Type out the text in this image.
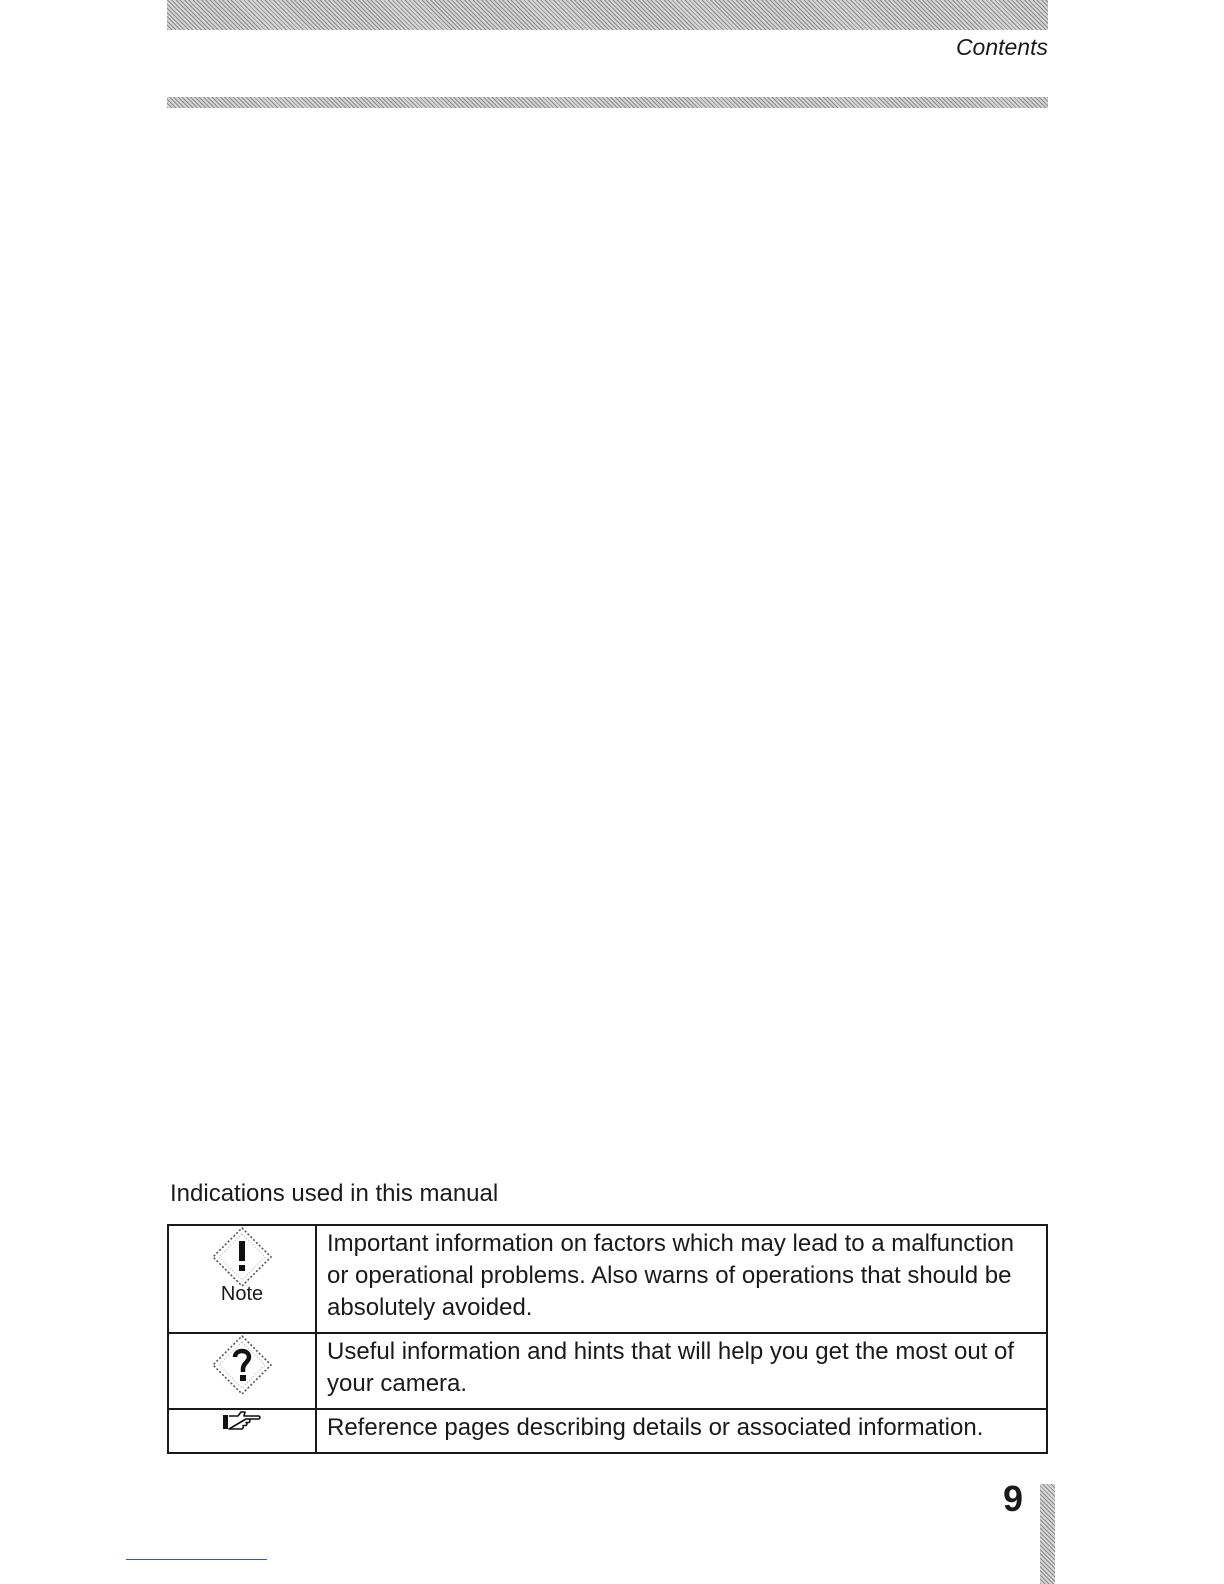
Contents
Indications used in this manual
Note	Important information on factors which may lead to a malfunction or operational problems. Also warns of operations that should be absolutely avoided.

	Useful information and hints that will help you get the most out of your camera.

	Reference pages describing details or associated information.
9
